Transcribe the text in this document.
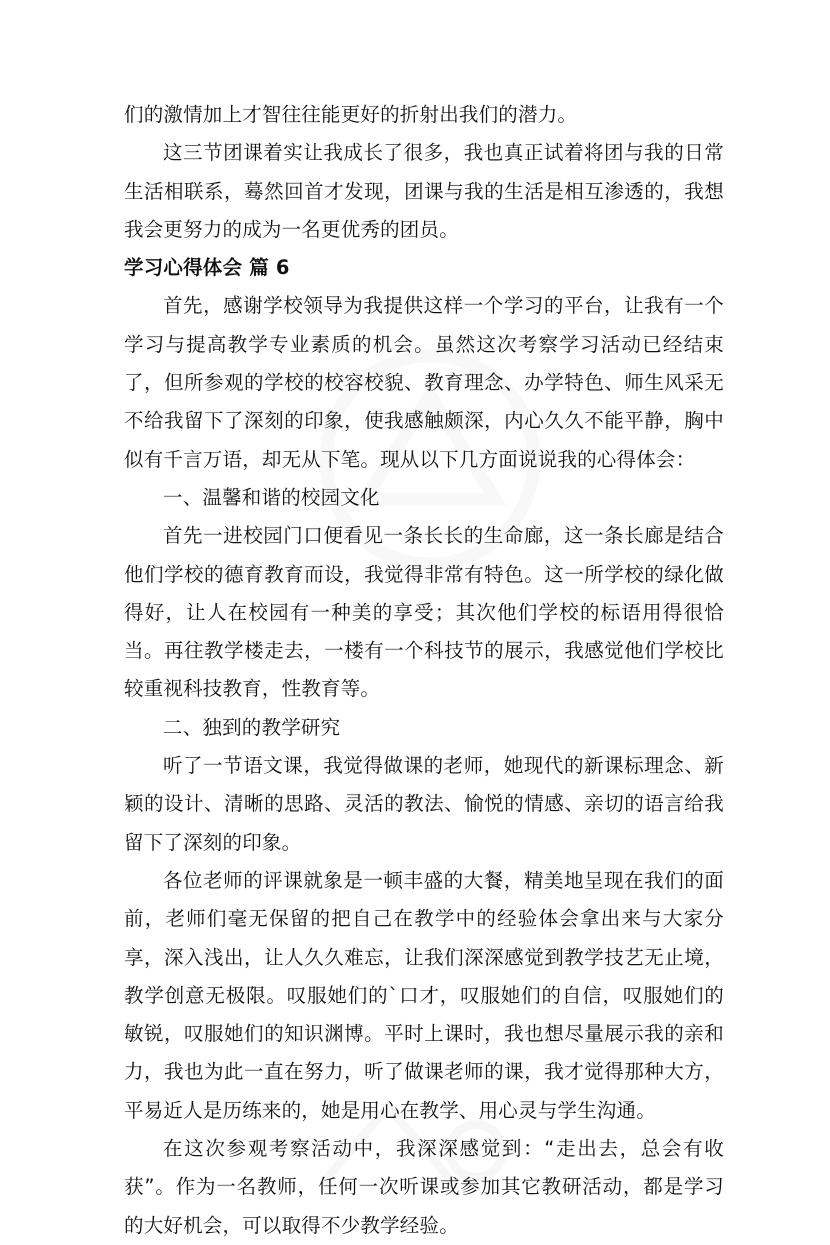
们的激情加上才智往往能更好的折射出我们的潜力。

这三节团课着实让我成长了很多，我也真正试着将团与我的日常生活相联系，蓦然回首才发现，团课与我的生活是相互渗透的，我想我会更努力的成为一名更优秀的团员。

学习心得体会 篇 6

首先，感谢学校领导为我提供这样一个学习的平台，让我有一个学习与提高教学专业素质的机会。虽然这次考察学习活动已经结束了，但所参观的学校的校容校貌、教育理念、办学特色、师生风采无不给我留下了深刻的印象，使我感触颇深，内心久久不能平静，胸中似有千言万语，却无从下笔。现从以下几方面说说我的心得体会：

一、温馨和谐的校园文化

首先一进校园门口便看见一条长长的生命廊，这一条长廊是结合他们学校的德育教育而设，我觉得非常有特色。这一所学校的绿化做得好，让人在校园有一种美的享受；其次他们学校的标语用得很恰当。再往教学楼走去，一楼有一个科技节的展示，我感觉他们学校比较重视科技教育，性教育等。

二、独到的教学研究

听了一节语文课，我觉得做课的老师，她现代的新课标理念、新颖的设计、清晰的思路、灵活的教法、愉悦的情感、亲切的语言给我留下了深刻的印象。

各位老师的评课就象是一顿丰盛的大餐，精美地呈现在我们的面前，老师们毫无保留的把自己在教学中的经验体会拿出来与大家分享，深入浅出，让人久久难忘，让我们深深感觉到教学技艺无止境，教学创意无极限。叹服她们的`口才，叹服她们的自信，叹服她们的敏锐，叹服她们的知识渊博。平时上课时，我也想尽量展示我的亲和力，我也为此一直在努力，听了做课老师的课，我才觉得那种大方，平易近人是历练来的，她是用心在教学、用心灵与学生沟通。

在这次参观考察活动中，我深深感觉到：“走出去，总会有收获”。作为一名教师，任何一次听课或参加其它教研活动，都是学习的大好机会，可以取得不少教学经验。
